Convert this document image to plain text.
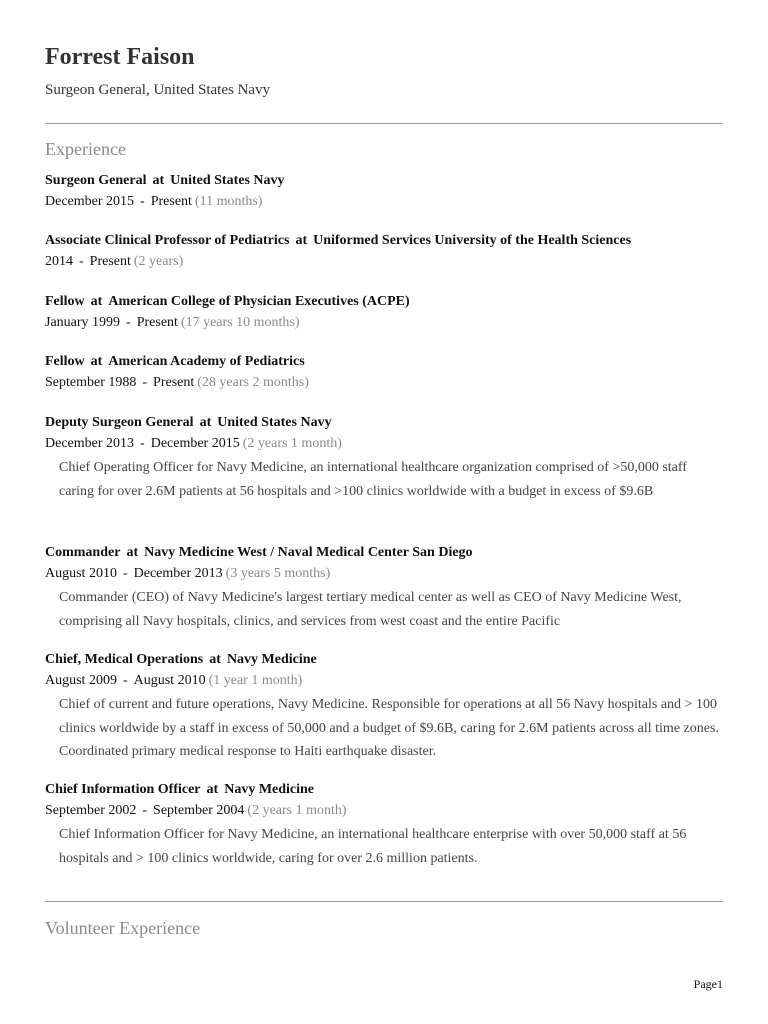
Forrest Faison
Surgeon General, United States Navy
Experience
Surgeon General at United States Navy
December 2015 - Present (11 months)
Associate Clinical Professor of Pediatrics at Uniformed Services University of the Health Sciences
2014 - Present (2 years)
Fellow at American College of Physician Executives (ACPE)
January 1999 - Present (17 years 10 months)
Fellow at American Academy of Pediatrics
September 1988 - Present (28 years 2 months)
Deputy Surgeon General at United States Navy
December 2013 - December 2015 (2 years 1 month)
Chief Operating Officer for Navy Medicine, an international healthcare organization comprised of >50,000 staff caring for over 2.6M patients at 56 hospitals and >100 clinics worldwide with a budget in excess of $9.6B
Commander at Navy Medicine West / Naval Medical Center San Diego
August 2010 - December 2013 (3 years 5 months)
Commander (CEO) of Navy Medicine's largest tertiary medical center as well as CEO of Navy Medicine West, comprising all Navy hospitals, clinics, and services from west coast and the entire Pacific
Chief, Medical Operations at Navy Medicine
August 2009 - August 2010 (1 year 1 month)
Chief of current and future operations, Navy Medicine. Responsible for operations at all 56 Navy hospitals and > 100 clinics worldwide by a staff in excess of 50,000 and a budget of $9.6B, caring for 2.6M patients across all time zones. Coordinated primary medical response to Haiti earthquake disaster.
Chief Information Officer at Navy Medicine
September 2002 - September 2004 (2 years 1 month)
Chief Information Officer for Navy Medicine, an international healthcare enterprise with over 50,000 staff at 56 hospitals and > 100 clinics worldwide, caring for over 2.6 million patients.
Volunteer Experience
Page1
